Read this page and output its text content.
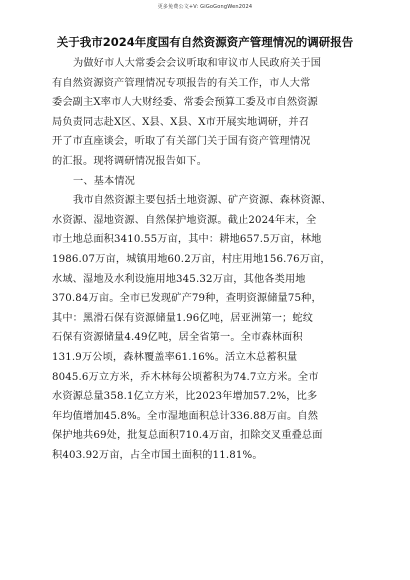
更多免费公文+V: GiGoGongWen2024
关于我市2024年度国有自然资源资产管理情况的调研报告
为做好市人大常委会会议听取和审议市人民政府关于国
有自然资源资产管理情况专项报告的有关工作，市人大常
委会副主X率市人大财经委、常委会预算工委及市自然资源
局负责同志赴X区、X县、X县、X市开展实地调研，并召
开了市直座谈会，听取了有关部门关于国有资产管理情况
的汇报。现将调研情况报告如下。
一、基本情况
我市自然资源主要包括土地资源、矿产资源、森林资源、
水资源、湿地资源、自然保护地资源。截止2024年末，全
市土地总面积3410.55万亩，其中：耕地657.5万亩，林地
1986.07万亩，城镇用地60.2万亩，村庄用地156.76万亩，
水域、湿地及水利设施用地345.32万亩，其他各类用地
370.84万亩。全市已发现矿产79种，查明资源储量75种，
其中：黑滑石保有资源储量1.96亿吨，居亚洲第一；蛇纹
石保有资源储量4.49亿吨，居全省第一。全市森林面积
131.9万公顷，森林覆盖率61.16%。活立木总蓄积量
8045.6万立方米，乔木林每公顷蓄积为74.7立方米。全市
水资源总量358.1亿立方米，比2023年增加57.2%，比多
年均值增加45.8%。全市湿地面积总计336.88万亩。自然
保护地共69处，批复总面积710.4万亩，扣除交叉重叠总面
积403.92万亩，占全市国土面积的11.81%。
